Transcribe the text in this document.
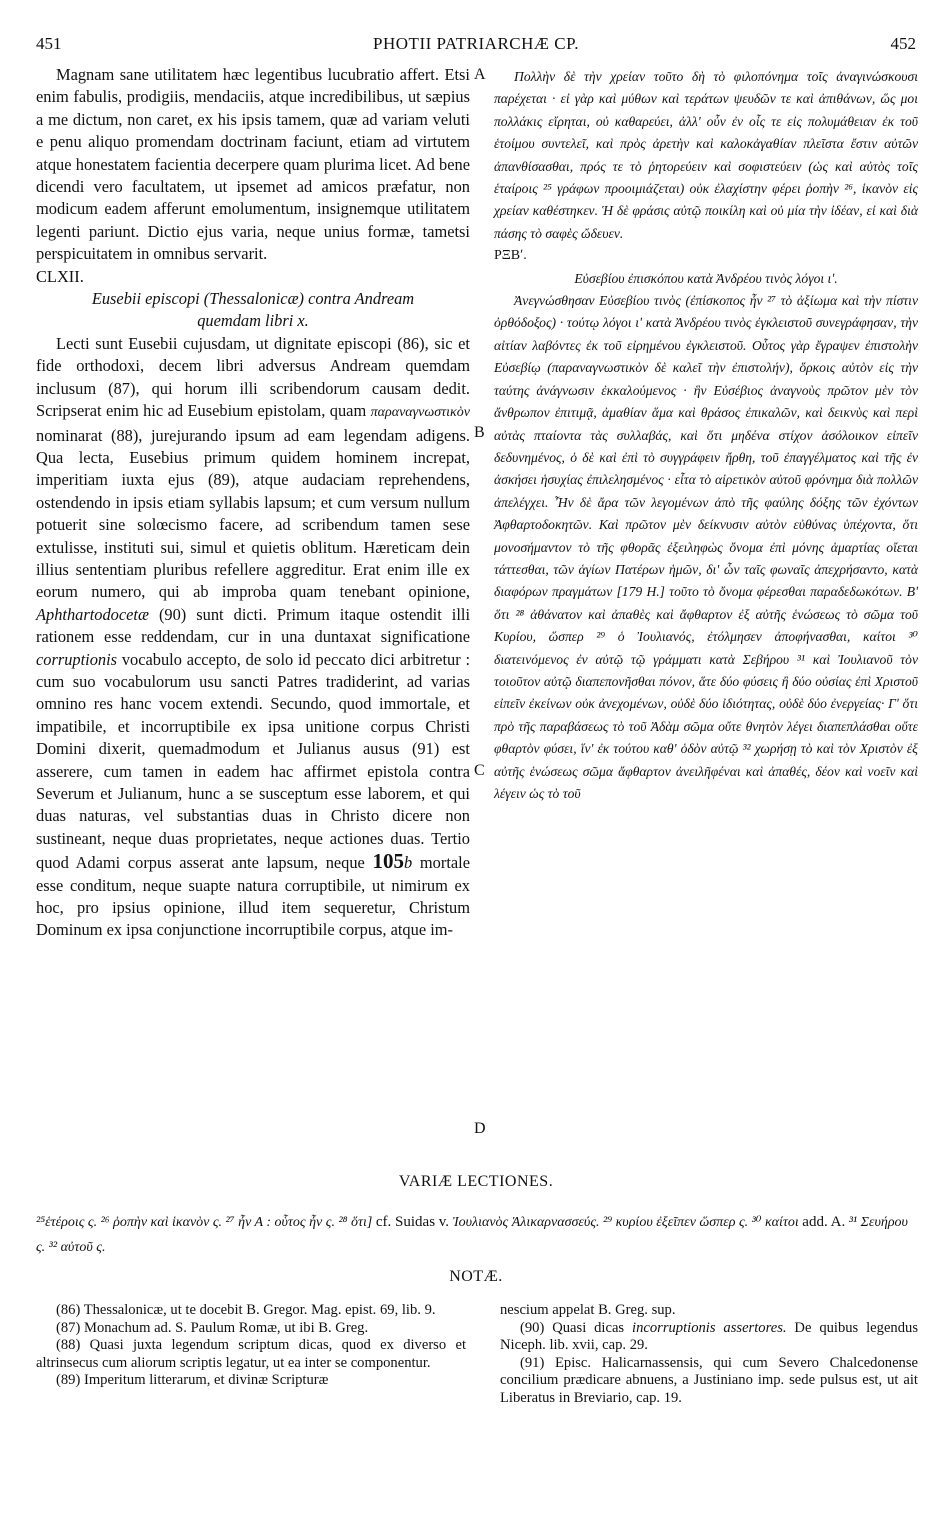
451	PHOTII PATRIARCHÆ CP.	452

Magnam sane utilitatem hæc legentibus lucubratio affert. Etsi enim fabulis, prodigiis, mendaciis, atque incredibilibus, ut sæpius a me dictum, non caret, ex his ipsis tamem, quæ ad variam veluti e penu aliquo promendam doctrinam faciunt, etiam ad virtutem atque honestatem facientia decerpere quam plurima licet. Ad bene dicendi vero facultatem, ut ipsemet ad amicos præfatur, non modicum eadem afferunt emolumentum, insignemque utilitatem legenti pariunt. Dictio ejus varia, neque unius formæ, tametsi perspicuitatem in omnibus servarit.

CLXII.

Eusebii episcopi (Thessalonicæ) contra Andream

quemdam libri x.

Lecti sunt Eusebii cujusdam, ut dignitate episcopi (86), sic et fide orthodoxi, decem libri adversus Andream quemdam inclusum (87), qui horum illi scribendorum causam dedit. Scripserat enim hic ad Eusebium epistolam, quam παραναγνωστικὸν nominarat (88), jurejurando ipsum ad eam legendam adigens. Qua lecta, Eusebius primum quidem hominem increpat, imperitiam iuxta ejus (89), atque audaciam reprehendens, ostendendo in ipsis etiam syllabis lapsum; et cum versum nullum potuerit sine solœcismo facere, ad scribendum tamen sese extulisse, instituti sui, simul et quietis oblitum. Hæreticam dein illius sententiam pluribus refellere aggreditur. Erat enim ille ex eorum numero, qui ab improba quam tenebant opinione, Aphthartodocetæ (90) sunt dicti. Primum itaque ostendit illi rationem esse reddendam, cur in una duntaxat significatione corruptionis vocabulo accepto, de solo id peccato dici arbitretur : cum suo vocabulorum usu sancti Patres tradiderint, ad varias omnino res hanc vocem extendi. Secundo, quod immortale, et impatibile, et incorruptibile ex ipsa unitione corpus Christi Domini dixerit, quemadmodum et Julianus ausus (91) est asserere, cum tamen in eadem hac affirmet epistola contra Severum et Julianum, hunc a se susceptum esse laborem, et qui duas naturas, vel substantias duas in Christo dicere non sustineant, neque duas proprietates, neque actiones duas. Tertio quod Adami corpus asserat ante lapsum, neque 105b mortale esse conditum, neque suapte natura corruptibile, ut nimirum ex hoc, pro ipsius opinione, illud item sequeretur, Christum Dominum ex ipsa conjunctione incorruptibile corpus, atque im-

A
B
C
D

Πολλὴν δὲ τὴν χρείαν τοῦτο δὴ τὸ φιλοπόνημα τοῖς ἀναγινώσκουσι παρέχεται · εἰ γὰρ καὶ μύθων καὶ τεράτων ψευδῶν τε καὶ ἀπιθάνων, ὥς μοι πολλάκις εἴρηται, οὐ καθαρεύει, ἀλλ' οὖν ἐν οἷς τε εἰς πολυμάθειαν ἐκ τοῦ ἑτοίμου συντελεῖ, καὶ πρὸς ἀρετὴν καὶ καλοκἀγαθίαν πλεῖστα ἔστιν αὐτῶν ἀπανθίσασθαι, πρός τε τὸ ῥητορεύειν καὶ σοφιστεύειν (ὡς καὶ αὐτὸς τοῖς ἑταίροις ²⁵ γράφων προοιμιάζεται) οὐκ ἐλαχίστην φέρει ῥοπὴν ²⁶, ἱκανὸν εἰς χρείαν καθέστηκεν. Ἡ δὲ φράσις αὐτῷ ποικίλη καὶ οὐ μία τὴν ἰδέαν, εἰ καὶ διὰ πάσης τὸ σαφὲς ὤδευεν.

ΡΞΒʹ.

Εὐσεβίου ἐπισκόπου κατὰ Ἀνδρέου τινὸς λόγοι ιʹ.

Ἀνεγνώσθησαν Εὐσεβίου τινὸς (ἐπίσκοπος ἦν ²⁷ τὸ ἀξίωμα καὶ τὴν πίστιν ὀρθόδοξος) · τούτῳ λόγοι ιʹ κατὰ Ἀνδρέου τινὸς ἐγκλειστοῦ συνεγράφησαν, τὴν αἰτίαν λαβόντες ἐκ τοῦ εἰρημένου ἐγκλειστοῦ. Οὗτος γὰρ ἔγραψεν ἐπιστολὴν Εὐσεβίῳ (παραναγνωστικὸν δὲ καλεῖ τὴν ἐπιστολήν), ὅρκοις αὐτὸν εἰς τὴν ταύτης ἀνάγνωσιν ἐκκαλούμενος · ἣν Εὐσέβιος ἀναγνοὺς πρῶτον μὲν τὸν ἄνθρωπον ἐπιτιμᾷ, ἀμαθίαν ἅμα καὶ θράσος ἐπικαλῶν, καὶ δεικνὺς καὶ περὶ αὐτὰς πταίοντα τὰς συλλαβάς, καὶ ὅτι μηδένα στίχον ἀσόλοικον εἰπεῖν δεδυνημένος, ὁ δὲ καὶ ἐπὶ τὸ συγγράφειν ἤρθη, τοῦ ἐπαγγέλματος καὶ τῆς ἐν ἀσκήσει ἡσυχίας ἐπιλελησμένος · εἶτα τὸ αἱρετικὸν αὐτοῦ φρόνημα διὰ πολλῶν ἀπελέγχει. Ἦν δὲ ἄρα τῶν λεγομένων ἀπὸ τῆς φαύλης δόξης τῶν ἐχόντων Ἀφθαρτοδοκητῶν. Καὶ πρῶτον μὲν δείκνυσιν αὐτὸν εὐθύνας ὑπέχοντα, ὅτι μονοσήμαντον τὸ τῆς φθορᾶς ἐξειληφὼς ὄνομα ἐπὶ μόνης ἁμαρτίας οἴεται τάττεσθαι, τῶν ἁγίων Πατέρων ἡμῶν, δι' ὧν ταῖς φωναῖς ἀπεχρήσαντο, κατὰ διαφόρων πραγμάτων [179 H.] τοῦτο τὸ ὄνομα φέρεσθαι παραδεδωκότων. Βʹ ὅτι ²⁸ ἀθάνατον καὶ ἀπαθὲς καὶ ἄφθαρτον ἐξ αὐτῆς ἑνώσεως τὸ σῶμα τοῦ Κυρίου, ὥσπερ ²⁹ ὁ Ἰουλιανός, ἐτόλμησεν ἀποφήνασθαι, καίτοι ³⁰ διατεινόμενος ἐν αὐτῷ τῷ γράμματι κατὰ Σεβήρου ³¹ καὶ Ἰουλιανοῦ τὸν τοιοῦτον αὐτῷ διαπεπονῆσθαι πόνον, ἅτε δύο φύσεις ἢ δύο οὐσίας ἐπὶ Χριστοῦ εἰπεῖν ἐκείνων οὐκ ἀνεχομένων, οὐδὲ δύο ἰδιότητας, οὐδὲ δύο ἐνεργείας· Γʹ ὅτι πρὸ τῆς παραβάσεως τὸ τοῦ Ἀδὰμ σῶμα οὔτε θνητὸν λέγει διαπεπλάσθαι οὔτε φθαρτὸν φύσει, ἵν' ἐκ τούτου καθ' ὁδὸν αὐτῷ ³² χωρήσῃ τὸ καὶ τὸν Χριστὸν ἐξ αὐτῆς ἑνώσεως σῶμα ἄφθαρτον ἀνειλῆφέναι καὶ ἀπαθές, δέον καὶ νοεῖν καὶ λέγειν ὡς τὸ τοῦ

VARIÆ LECTIONES.
²⁵ἑτέροις ς. ²⁶ ῥοπὴν καὶ ἱκανὸν ς. ²⁷ ἦν Α : οὗτος ἦν ς. ²⁸ ὅτι] cf. Suidas v. Ἰουλιανὸς Ἁλικαρνασσεύς. ²⁹ κυρίου ἐξεῖπεν ὥσπερ ς. ³⁰ καίτοι add. A. ³¹ Σευήρου ς. ³² αὐτοῦ ς.
NOTÆ.

(86) Thessalonicæ, ut te docebit B. Gregor. Mag. epist. 69, lib. 9.

(87) Monachum ad. S. Paulum Romæ, ut ibi B. Greg.

(88) Quasi juxta legendum scriptum dicas, quod ex diverso et altrinsecus cum aliorum scriptis legatur, ut ea inter se componentur.

(89) Imperitum litterarum, et divinæ Scripturæ

nescium appelat B. Greg. sup.

(90) Quasi dicas incorruptionis assertores. De quibus legendus Niceph. lib. xvii, cap. 29.

(91) Episc. Halicarnassensis, qui cum Severo Chalcedonense concilium prædicare abnuens, a Justiniano imp. sede pulsus est, ut ait Liberatus in Breviario, cap. 19.
